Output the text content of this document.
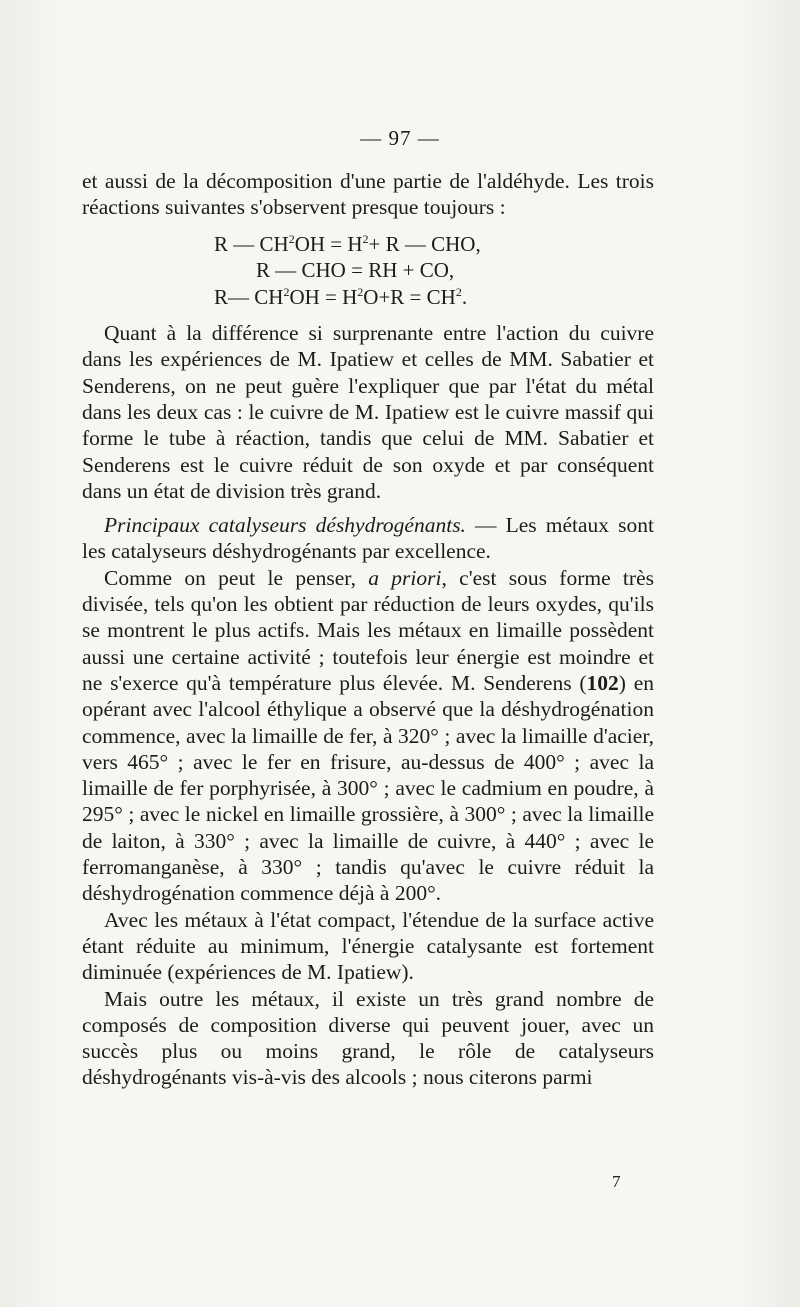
— 97 —

et aussi de la décomposition d'une partie de l'aldéhyde. Les trois réactions suivantes s'observent presque toujours :

R — $CH^2OH = H^2+ R$ — CHO,
R — CHO = RH + CO,
R— $CH^2OH = H^2O+R = CH^2$.

Quant à la différence si surprenante entre l'action du cuivre dans les expériences de M. Ipatiew et celles de MM. Sabatier et Senderens, on ne peut guère l'expliquer que par l'état du métal dans les deux cas : le cuivre de M. Ipatiew est le cuivre massif qui forme le tube à réaction, tandis que celui de MM. Sabatier et Senderens est le cuivre réduit de son oxyde et par conséquent dans un état de division très grand.

Principaux catalyseurs déshydrogénants. — Les métaux sont les catalyseurs déshydrogénants par excellence.

Comme on peut le penser, a priori, c'est sous forme très divisée, tels qu'on les obtient par réduction de leurs oxydes, qu'ils se montrent le plus actifs. Mais les métaux en limaille possèdent aussi une certaine activité ; toutefois leur énergie est moindre et ne s'exerce qu'à température plus élevée. M. Senderens (102) en opérant avec l'alcool éthylique a observé que la déshydrogénation commence, avec la limaille de fer, à 320° ; avec la limaille d'acier, vers 465° ; avec le fer en frisure, au-dessus de 400° ; avec la limaille de fer porphyrisée, à 300° ; avec le cadmium en poudre, à 295° ; avec le nickel en limaille grossière, à 300° ; avec la limaille de laiton, à 330° ; avec la limaille de cuivre, à 440° ; avec le ferromanganèse, à 330° ; tandis qu'avec le cuivre réduit la déshydrogénation commence déjà à 200°.

Avec les métaux à l'état compact, l'étendue de la surface active étant réduite au minimum, l'énergie catalysante est fortement diminuée (expériences de M. Ipatiew).

Mais outre les métaux, il existe un très grand nombre de composés de composition diverse qui peuvent jouer, avec un succès plus ou moins grand, le rôle de catalyseurs déshydrogénants vis-à-vis des alcools ; nous citerons parmi

7
